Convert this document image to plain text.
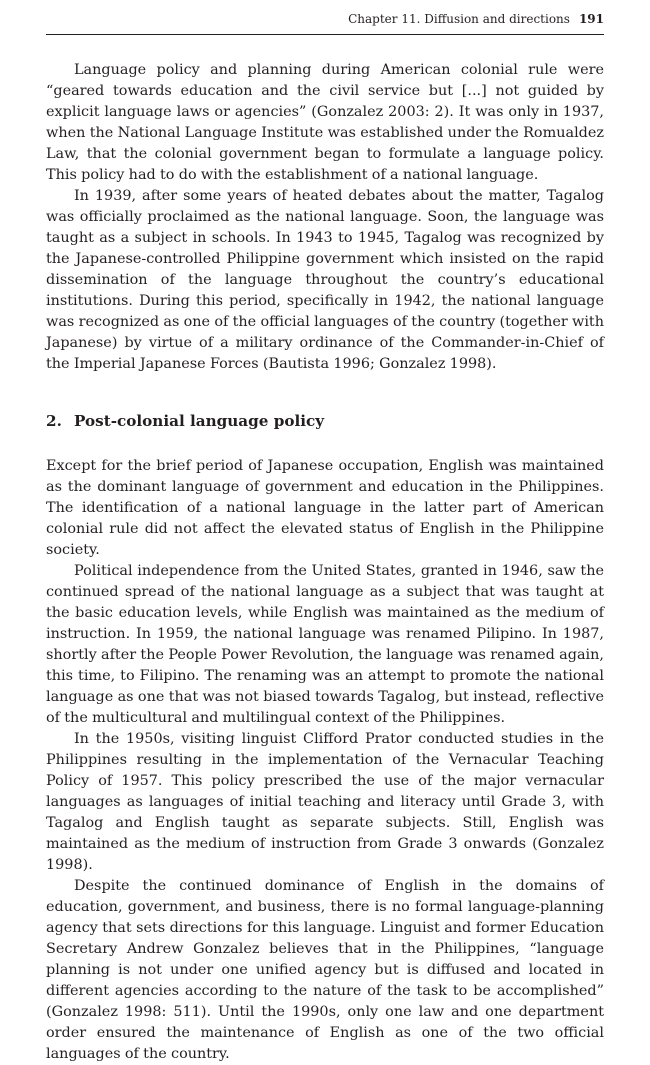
Chapter 11. Diffusion and directions 191

Language policy and planning during American colonial rule were “geared towards education and the civil service but [...] not guided by explicit language laws or agencies” (Gonzalez 2003: 2). It was only in 1937, when the National Language Institute was established under the Romualdez Law, that the colonial government began to formulate a language policy. This policy had to do with the establishment of a national language.

In 1939, after some years of heated debates about the matter, Tagalog was officially proclaimed as the national language. Soon, the language was taught as a subject in schools. In 1943 to 1945, Tagalog was recognized by the Japanese-controlled Philippine government which insisted on the rapid dissemination of the language throughout the country’s educational institutions. During this period, specifically in 1942, the national language was recognized as one of the official languages of the country (together with Japanese) by virtue of a military ordinance of the Commander-in-Chief of the Imperial Japanese Forces (Bautista 1996; Gonzalez 1998).

2. Post-colonial language policy

Except for the brief period of Japanese occupation, English was maintained as the dominant language of government and education in the Philippines. The identification of a national language in the latter part of American colonial rule did not affect the elevated status of English in the Philippine society.

Political independence from the United States, granted in 1946, saw the continued spread of the national language as a subject that was taught at the basic education levels, while English was maintained as the medium of instruction. In 1959, the national language was renamed Pilipino. In 1987, shortly after the People Power Revolution, the language was renamed again, this time, to Filipino. The renaming was an attempt to promote the national language as one that was not biased towards Tagalog, but instead, reflective of the multicultural and multilingual context of the Philippines.

In the 1950s, visiting linguist Clifford Prator conducted studies in the Philippines resulting in the implementation of the Vernacular Teaching Policy of 1957. This policy prescribed the use of the major vernacular languages as languages of initial teaching and literacy until Grade 3, with Tagalog and English taught as separate subjects. Still, English was maintained as the medium of instruction from Grade 3 onwards (Gonzalez 1998).

Despite the continued dominance of English in the domains of education, government, and business, there is no formal language-planning agency that sets directions for this language. Linguist and former Education Secretary Andrew Gonzalez believes that in the Philippines, “language planning is not under one unified agency but is diffused and located in different agencies according to the nature of the task to be accomplished” (Gonzalez 1998: 511). Until the 1990s, only one law and one department order ensured the maintenance of English as one of the two official languages of the country.
